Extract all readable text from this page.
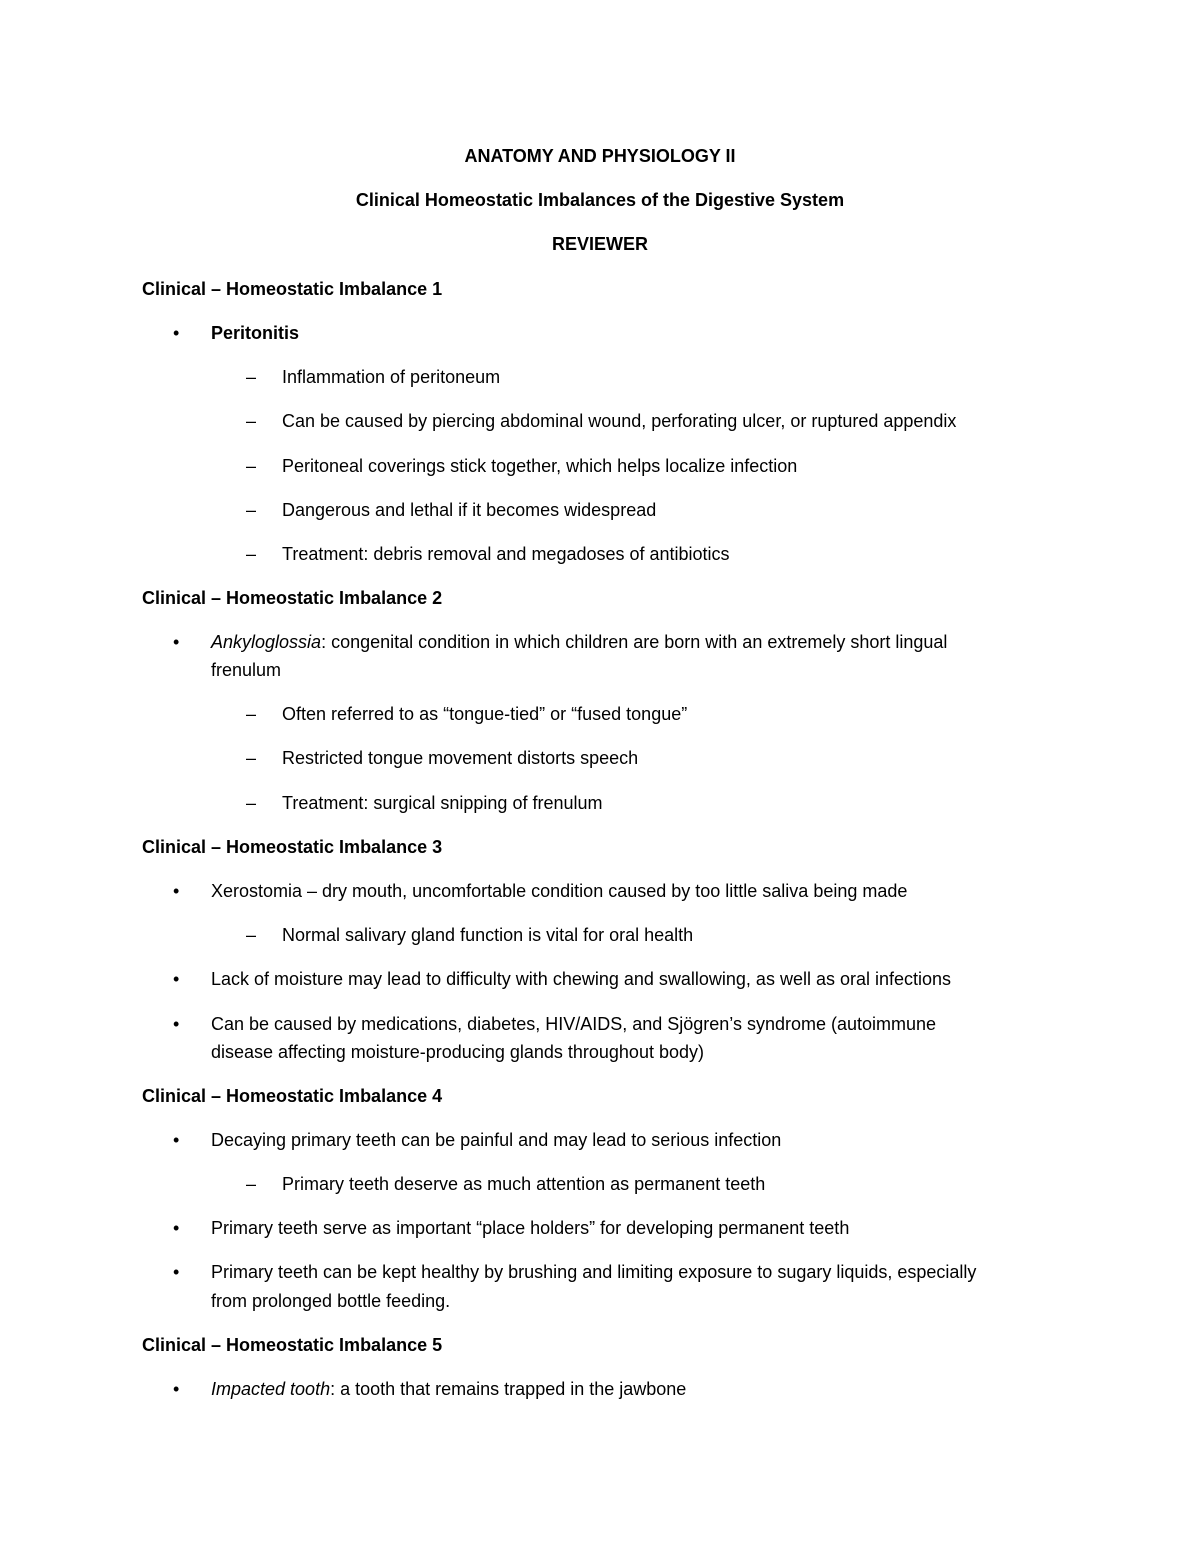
ANATOMY AND PHYSIOLOGY II
Clinical Homeostatic Imbalances of the Digestive System
REVIEWER
Clinical – Homeostatic Imbalance 1
• Peritonitis
– Inflammation of peritoneum
– Can be caused by piercing abdominal wound, perforating ulcer, or ruptured appendix
– Peritoneal coverings stick together, which helps localize infection
– Dangerous and lethal if it becomes widespread
– Treatment: debris removal and megadoses of antibiotics
Clinical – Homeostatic Imbalance 2
• Ankyloglossia: congenital condition in which children are born with an extremely short lingual
frenulum
– Often referred to as “tongue-tied” or “fused tongue”
– Restricted tongue movement distorts speech
– Treatment: surgical snipping of frenulum
Clinical – Homeostatic Imbalance 3
• Xerostomia – dry mouth, uncomfortable condition caused by too little saliva being made
– Normal salivary gland function is vital for oral health
• Lack of moisture may lead to difficulty with chewing and swallowing, as well as oral infections
• Can be caused by medications, diabetes, HIV/AIDS, and Sjögren’s syndrome (autoimmune
disease affecting moisture-producing glands throughout body)
Clinical – Homeostatic Imbalance 4
• Decaying primary teeth can be painful and may lead to serious infection
– Primary teeth deserve as much attention as permanent teeth
• Primary teeth serve as important “place holders” for developing permanent teeth
• Primary teeth can be kept healthy by brushing and limiting exposure to sugary liquids, especially
from prolonged bottle feeding.
Clinical – Homeostatic Imbalance 5
• Impacted tooth: a tooth that remains trapped in the jawbone
